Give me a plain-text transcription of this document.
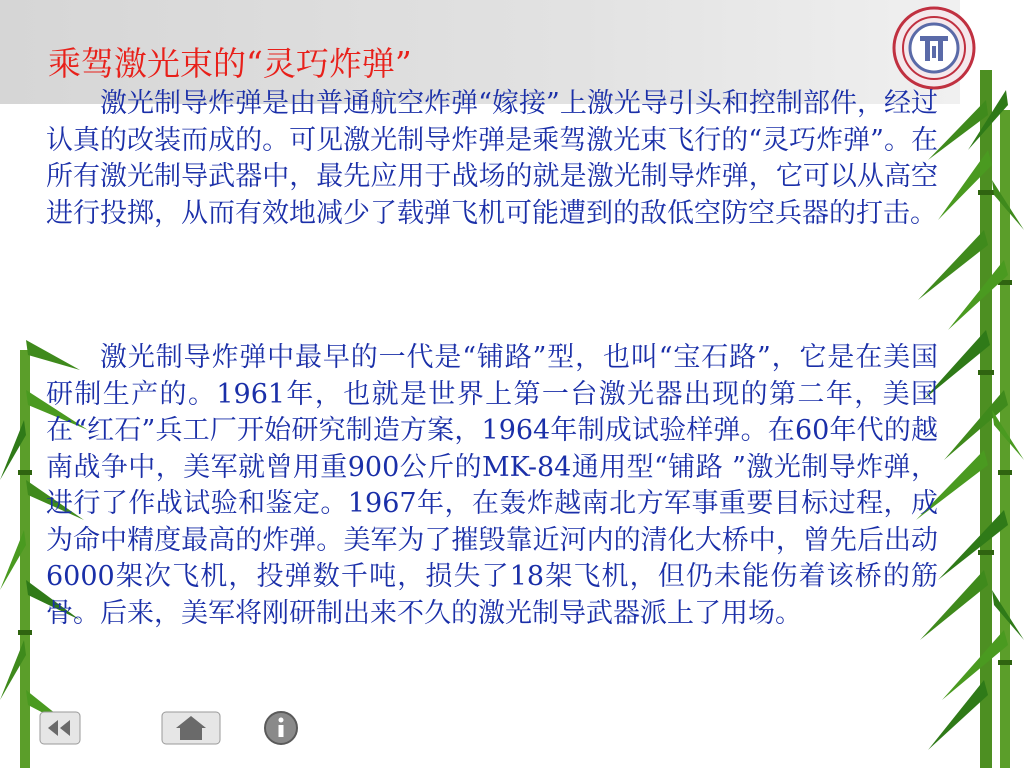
乘驾激光束的“灵巧炸弹”

激光制导炸弹是由普通航空炸弹“嫁接”上激光导引头和控制部件，经过认真的改装而成的。可见激光制导炸弹是乘驾激光束飞行的“灵巧炸弹”。在所有激光制导武器中，最先应用于战场的就是激光制导炸弹，它可以从高空进行投掷，从而有效地减少了载弹飞机可能遭到的敌低空防空兵器的打击。

激光制导炸弹中最早的一代是“铺路”型，也叫“宝石路”，它是在美国研制生产的。1961年，也就是世界上第一台激光器出现的第二年，美国在“红石”兵工厂开始研究制造方案，1964年制成试验样弹。在60年代的越南战争中，美军就曾用重900公斤的MK-84通用型“铺路 ”激光制导炸弹，进行了作战试验和鉴定。1967年，在轰炸越南北方军事重要目标过程，成为命中精度最高的炸弹。美军为了摧毁靠近河内的清化大桥中，曾先后出动6000架次飞机，投弹数千吨，损失了18架飞机，但仍未能伤着该桥的筋骨。后来，美军将刚研制出来不久的激光制导武器派上了用场。
